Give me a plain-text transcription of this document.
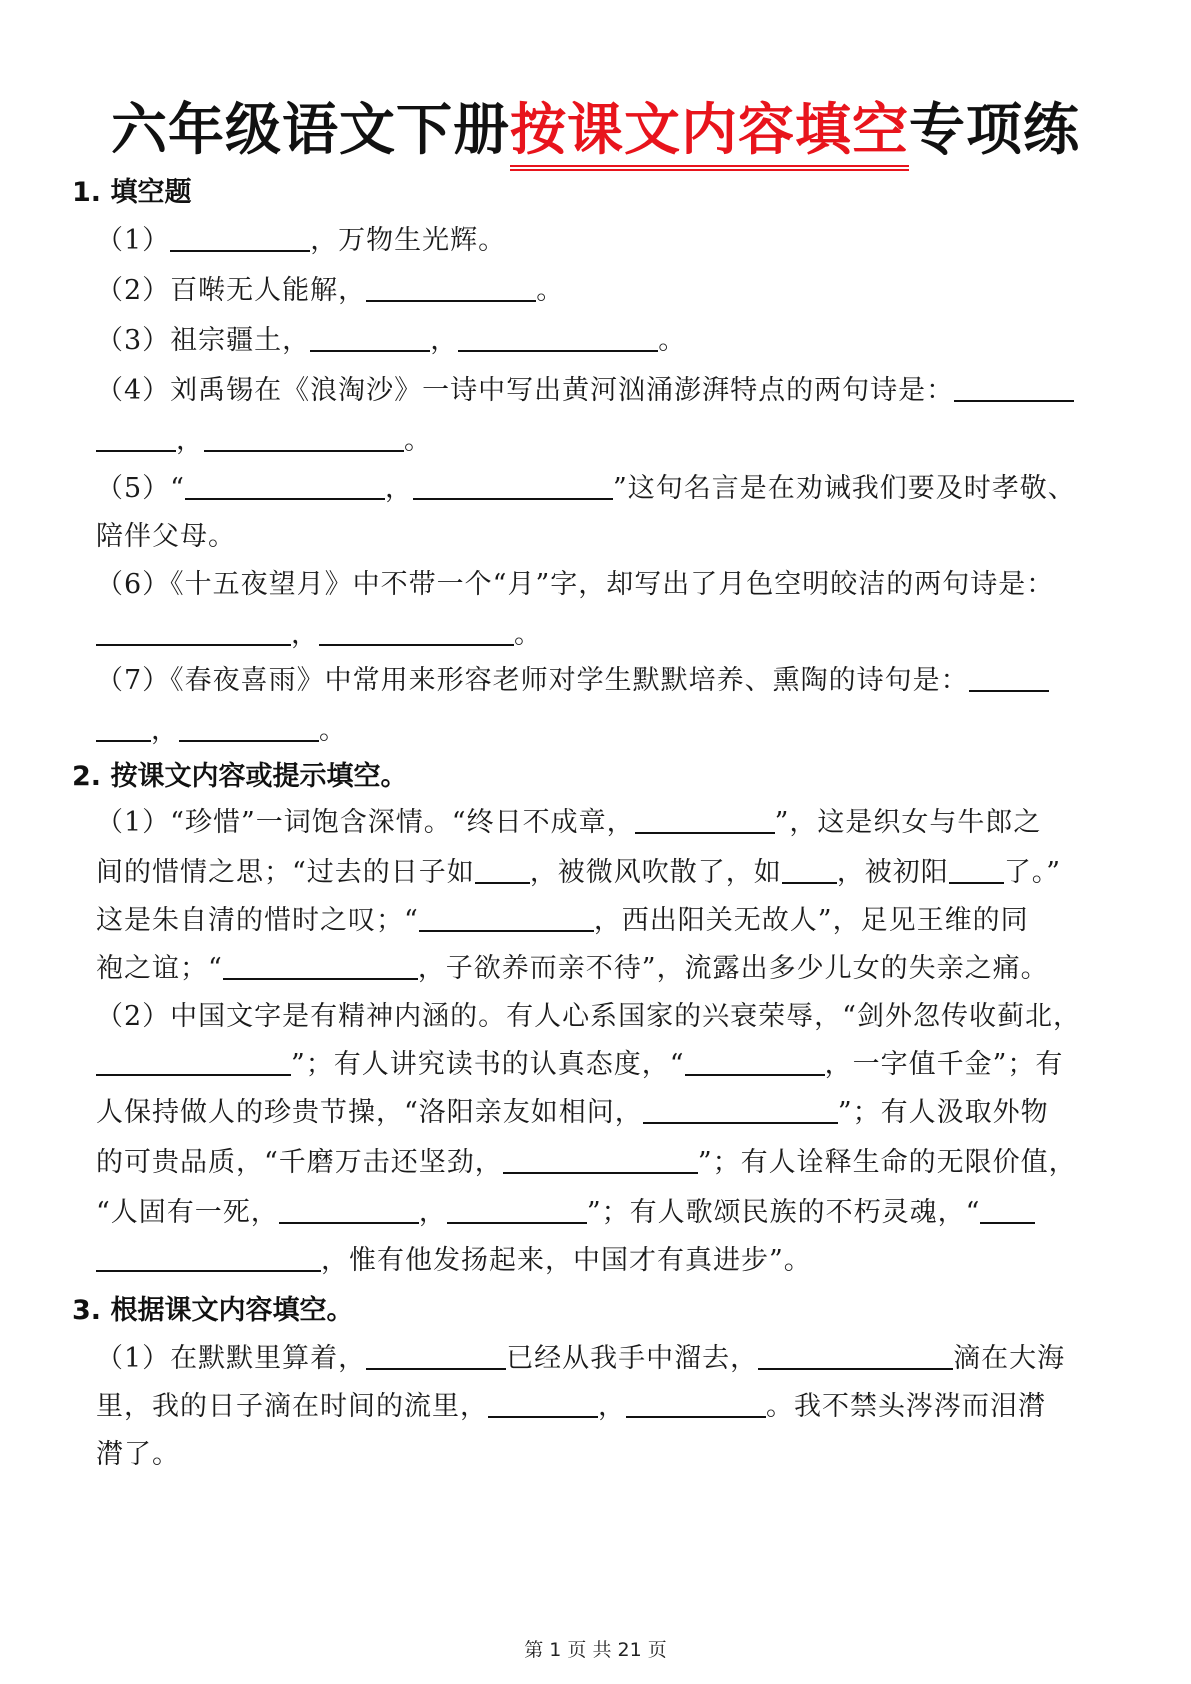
六年级语文下册按课文内容填空专项练
1. 填空题
（1）	，万物生光辉。
（2）百啭无人能解，	。
（3）祖宗疆土，	，	。
（4）刘禹锡在《浪淘沙》一诗中写出黄河汹涌澎湃特点的两句诗是：
，	。
（5）“	，	”这句名言是在劝诫我们要及时孝敬、
陪伴父母。
（6）《十五夜望月》中不带一个“月”字，却写出了月色空明皎洁的两句诗是：
，	。
（7）《春夜喜雨》中常用来形容老师对学生默默培养、熏陶的诗句是：
，	。
2. 按课文内容或提示填空。
（1）“珍惜”一词饱含深情。“终日不成章，	”，这是织女与牛郎之
间的惜情之思；“过去的日子如 ，被微风吹散了，如 ，被初阳 了。”
这是朱自清的惜时之叹；“	，西出阳关无故人”，足见王维的同
袍之谊；“	，子欲养而亲不待”，流露出多少儿女的失亲之痛。
（2）中国文字是有精神内涵的。有人心系国家的兴衰荣辱，“剑外忽传收蓟北，
”；有人讲究读书的认真态度，“	，一字值千金”；有
人保持做人的珍贵节操，“洛阳亲友如相问，	”；有人汲取外物
的可贵品质，“千磨万击还坚劲，	”；有人诠释生命的无限价值，
“人固有一死，	，	”；有人歌颂民族的不朽灵魂，“
，惟有他发扬起来，中国才有真进步”。
3. 根据课文内容填空。
（1）在默默里算着，	已经从我手中溜去，	滴在大海
里，我的日子滴在时间的流里，	，	。我不禁头涔涔而泪潸
潸了。
第 1 页 共 21 页
